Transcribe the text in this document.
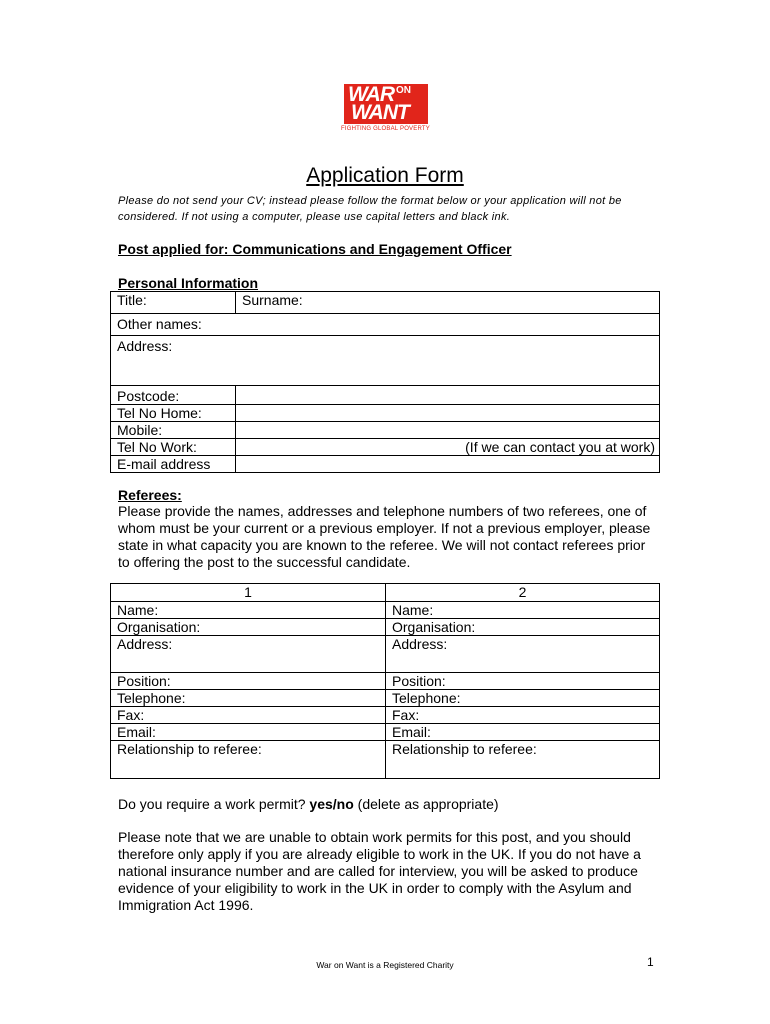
WAR ON
WANT
FIGHTING GLOBAL POVERTY
Application Form
Please do not send your CV; instead please follow the format below or your application will not be considered. If not using a computer, please use capital letters and black ink.
Post applied for: Communications and Engagement Officer
Personal Information
Title:	Surname:
Other names:	
Address:	
Postcode:	
Tel No Home:	
Mobile:	
Tel No Work:	(If we can contact you at work)
E-mail address	
Referees:
Please provide the names, addresses and telephone numbers of two referees, one of whom must be your current or a previous employer. If not a previous employer, please state in what capacity you are known to the referee. We will not contact referees prior to offering the post to the successful candidate.
1	2
Name:	Name:
Organisation:	Organisation:
Address:	Address:
Position:	Position:
Telephone:	Telephone:
Fax:	Fax:
Email:	Email:
Relationship to referee:	Relationship to referee:
Do you require a work permit? yes/no (delete as appropriate)
Please note that we are unable to obtain work permits for this post, and you should therefore only apply if you are already eligible to work in the UK. If you do not have a national insurance number and are called for interview, you will be asked to produce evidence of your eligibility to work in the UK in order to comply with the Asylum and Immigration Act 1996.
War on Want is a Registered Charity	1
